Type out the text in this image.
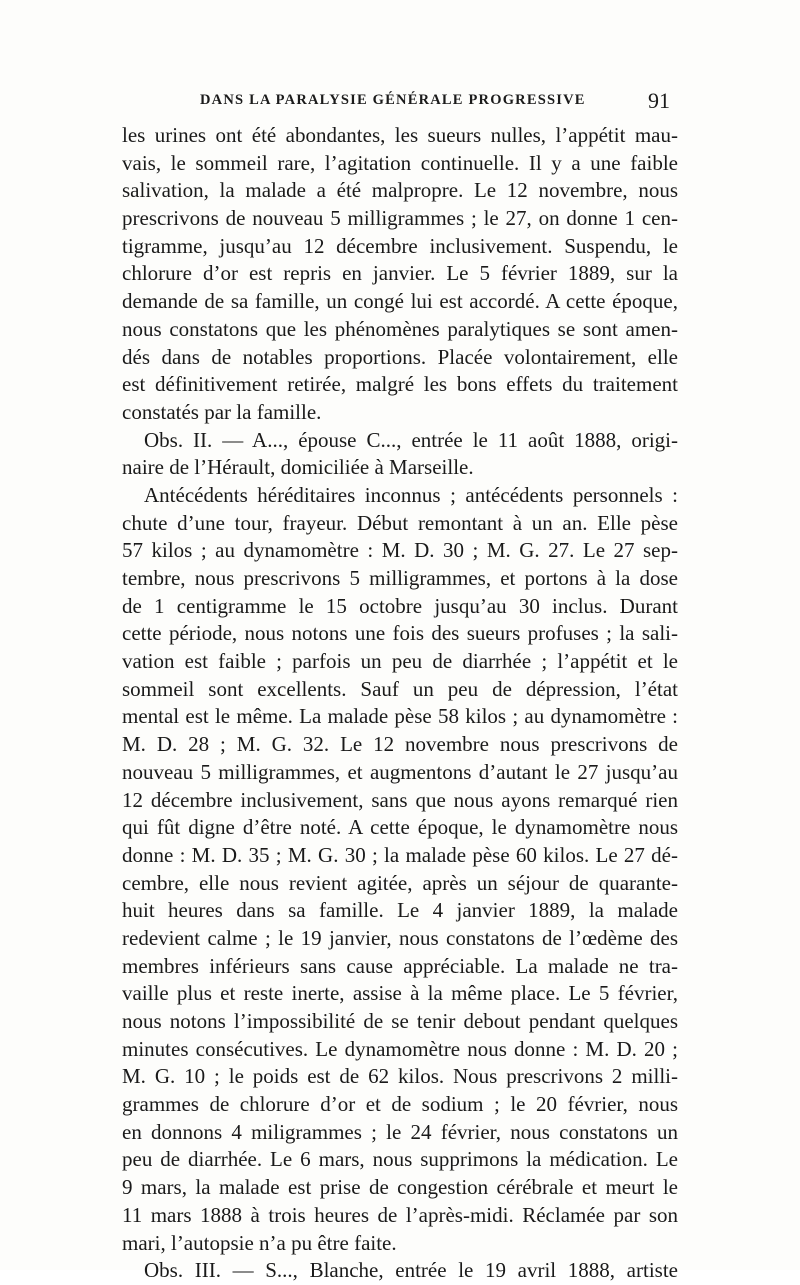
DANS LA PARALYSIE GÉNÉRALE PROGRESSIVE	91
les urines ont été abondantes, les sueurs nulles, l’appétit mau-
vais, le sommeil rare, l’agitation continuelle. Il y a une faible
salivation, la malade a été malpropre. Le 12 novembre, nous
prescrivons de nouveau 5 milligrammes ; le 27, on donne 1 cen-
tigramme, jusqu’au 12 décembre inclusivement. Suspendu, le
chlorure d’or est repris en janvier. Le 5 février 1889, sur la
demande de sa famille, un congé lui est accordé. A cette époque,
nous constatons que les phénomènes paralytiques se sont amen-
dés dans de notables proportions. Placée volontairement, elle
est définitivement retirée, malgré les bons effets du traitement
constatés par la famille.
Obs. II. — A..., épouse C..., entrée le 11 août 1888, origi-
naire de l’Hérault, domiciliée à Marseille.
Antécédents héréditaires inconnus ; antécédents personnels :
chute d’une tour, frayeur. Début remontant à un an. Elle pèse
57 kilos ; au dynamomètre : M. D. 30 ; M. G. 27. Le 27 sep-
tembre, nous prescrivons 5 milligrammes, et portons à la dose
de 1 centigramme le 15 octobre jusqu’au 30 inclus. Durant
cette période, nous notons une fois des sueurs profuses ; la sali-
vation est faible ; parfois un peu de diarrhée ; l’appétit et le
sommeil sont excellents. Sauf un peu de dépression, l’état
mental est le même. La malade pèse 58 kilos ; au dynamomètre :
M. D. 28 ; M. G. 32. Le 12 novembre nous prescrivons de
nouveau 5 milligrammes, et augmentons d’autant le 27 jusqu’au
12 décembre inclusivement, sans que nous ayons remarqué rien
qui fût digne d’être noté. A cette époque, le dynamomètre nous
donne : M. D. 35 ; M. G. 30 ; la malade pèse 60 kilos. Le 27 dé-
cembre, elle nous revient agitée, après un séjour de quarante-
huit heures dans sa famille. Le 4 janvier 1889, la malade
redevient calme ; le 19 janvier, nous constatons de l’œdème des
membres inférieurs sans cause appréciable. La malade ne tra-
vaille plus et reste inerte, assise à la même place. Le 5 février,
nous notons l’impossibilité de se tenir debout pendant quelques
minutes consécutives. Le dynamomètre nous donne : M. D. 20 ;
M. G. 10 ; le poids est de 62 kilos. Nous prescrivons 2 milli-
grammes de chlorure d’or et de sodium ; le 20 février, nous
en donnons 4 miligrammes ; le 24 février, nous constatons un
peu de diarrhée. Le 6 mars, nous supprimons la médication. Le
9 mars, la malade est prise de congestion cérébrale et meurt le
11 mars 1888 à trois heures de l’après-midi. Réclamée par son
mari, l’autopsie n’a pu être faite.
Obs. III. — S..., Blanche, entrée le 19 avril 1888, artiste
